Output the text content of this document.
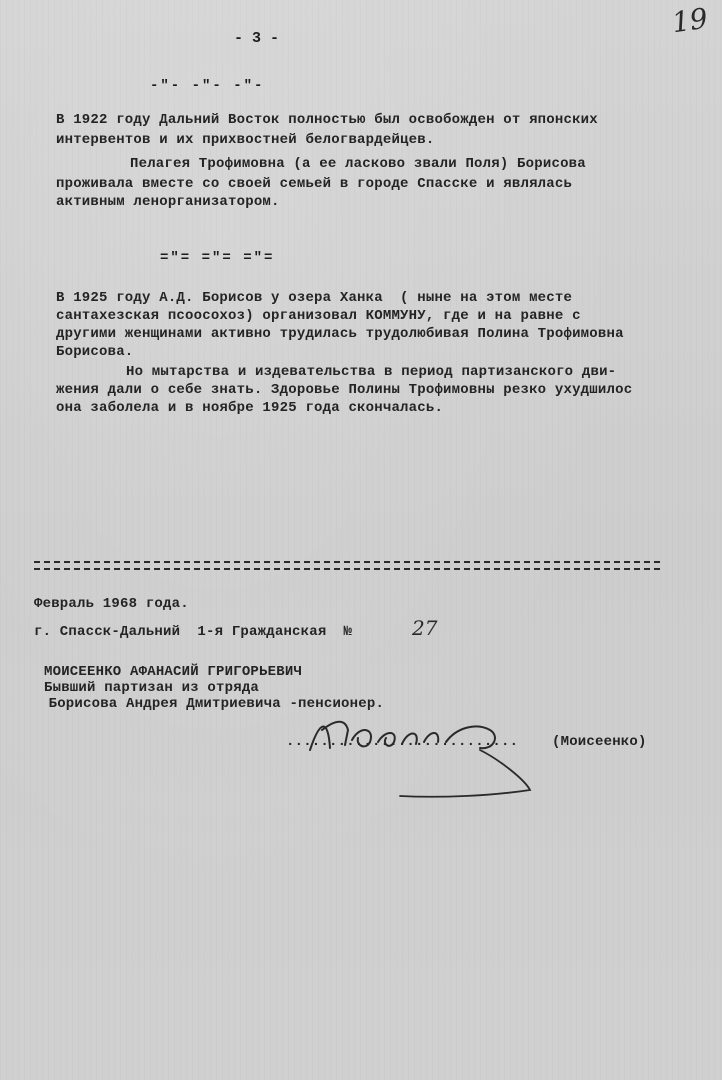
19
- 3 -
-"- -"- -"-
В 1922 году Дальний Восток полностью был освобожден от японских
интервентов и их прихвостней белогвардейцев.
Пелагея Трофимовна (а ее ласково звали Поля) Борисова
проживала вместе со своей семьей в городе Спасске и являлась
активным ленорганизатором.
="= ="= ="=
В 1925 году А.Д. Борисов у озера Ханка  ( ныне на этом месте
сантахезская псоосохоз) организовал КОММУНУ, где и на равне с
другими женщинами активно трудилась трудолюбивая Полина Трофимовна
Борисова.
Но мытарства и издевательства в период партизанского дви-
жения дали о себе знать. Здоровье Полины Трофимовны резко ухудшилос
она заболела и в ноябре 1925 года скончалась.
Февраль 1968 года.
г. Спасск-Дальний  1-я Гражданская  №	27
МОИСЕЕНКО АФАНАСИЙ ГРИГОРЬЕВИЧ
Бывший партизан из отряда
Борисова Андрея Дмитриевича -пенсионер.
........................... (Моисеенко)
